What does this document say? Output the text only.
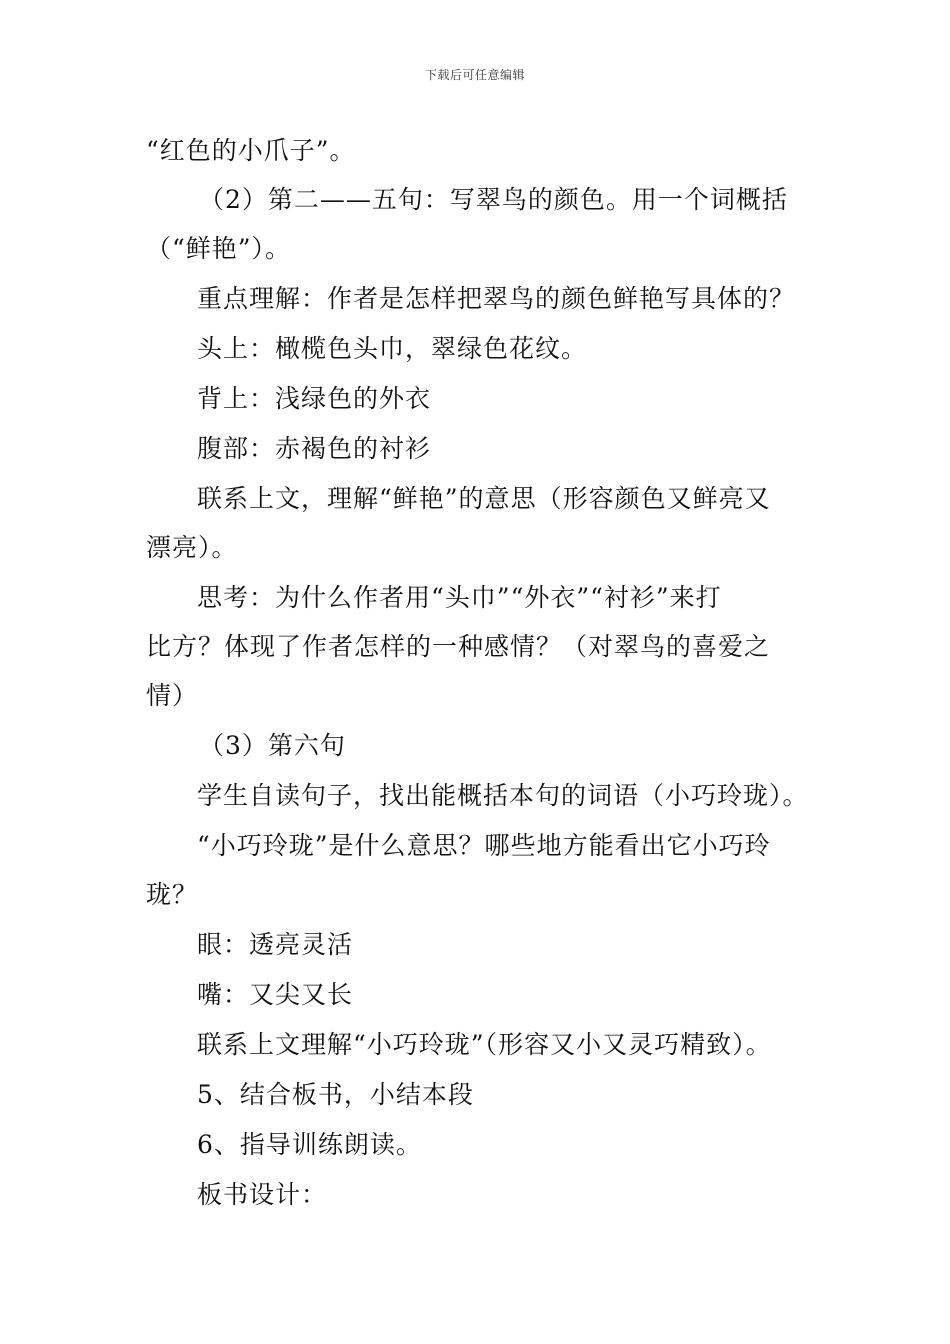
下载后可任意编辑
“红色的小爪子”。
（2）第二——五句：写翠鸟的颜色。用一个词概括
（“鲜艳”）。
重点理解：作者是怎样把翠鸟的颜色鲜艳写具体的？
头上：橄榄色头巾，翠绿色花纹。
背上：浅绿色的外衣
腹部：赤褐色的衬衫
联系上文，理解“鲜艳”的意思（形容颜色又鲜亮又
漂亮）。
思考：为什么作者用“头巾”“外衣”“衬衫”来打
比方？体现了作者怎样的一种感情？（对翠鸟的喜爱之
情）
（3）第六句
学生自读句子，找出能概括本句的词语（小巧玲珑）。
“小巧玲珑”是什么意思？哪些地方能看出它小巧玲
珑？
眼：透亮灵活
嘴：又尖又长
联系上文理解“小巧玲珑”（形容又小又灵巧精致）。
5、结合板书，小结本段
6、指导训练朗读。
板书设计：
